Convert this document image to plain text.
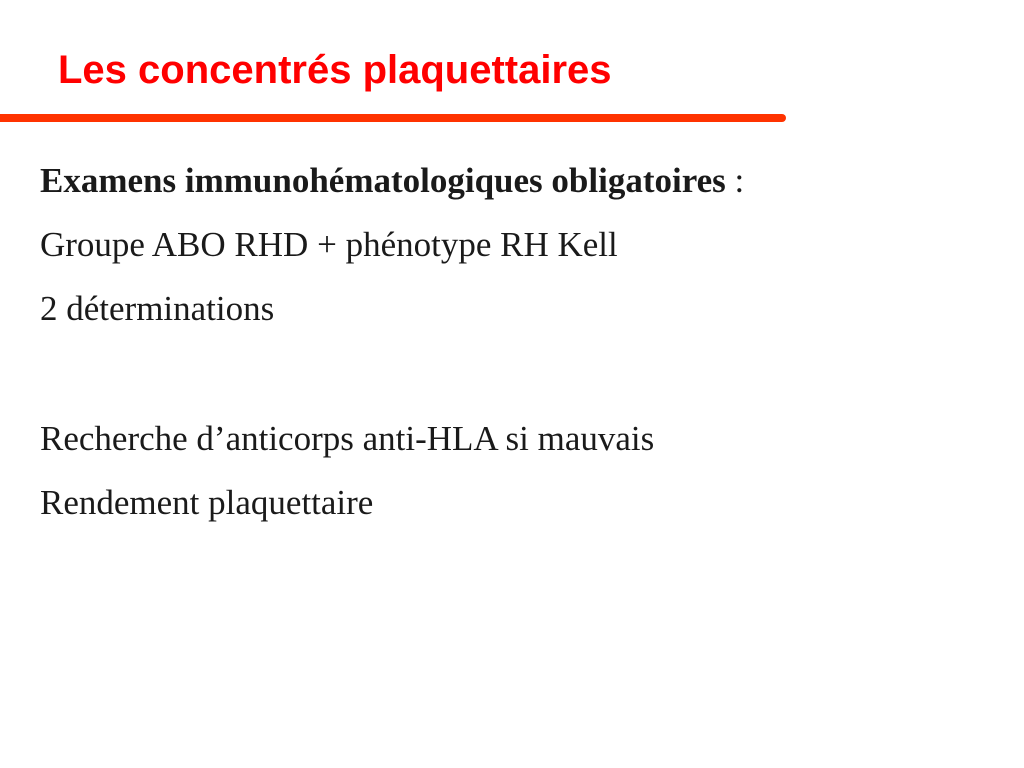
Les concentrés plaquettaires
Examens immunohématologiques obligatoires :
Groupe ABO RHD + phénotype RH Kell
2 déterminations
Recherche d’anticorps anti-HLA si mauvais
Rendement plaquettaire
